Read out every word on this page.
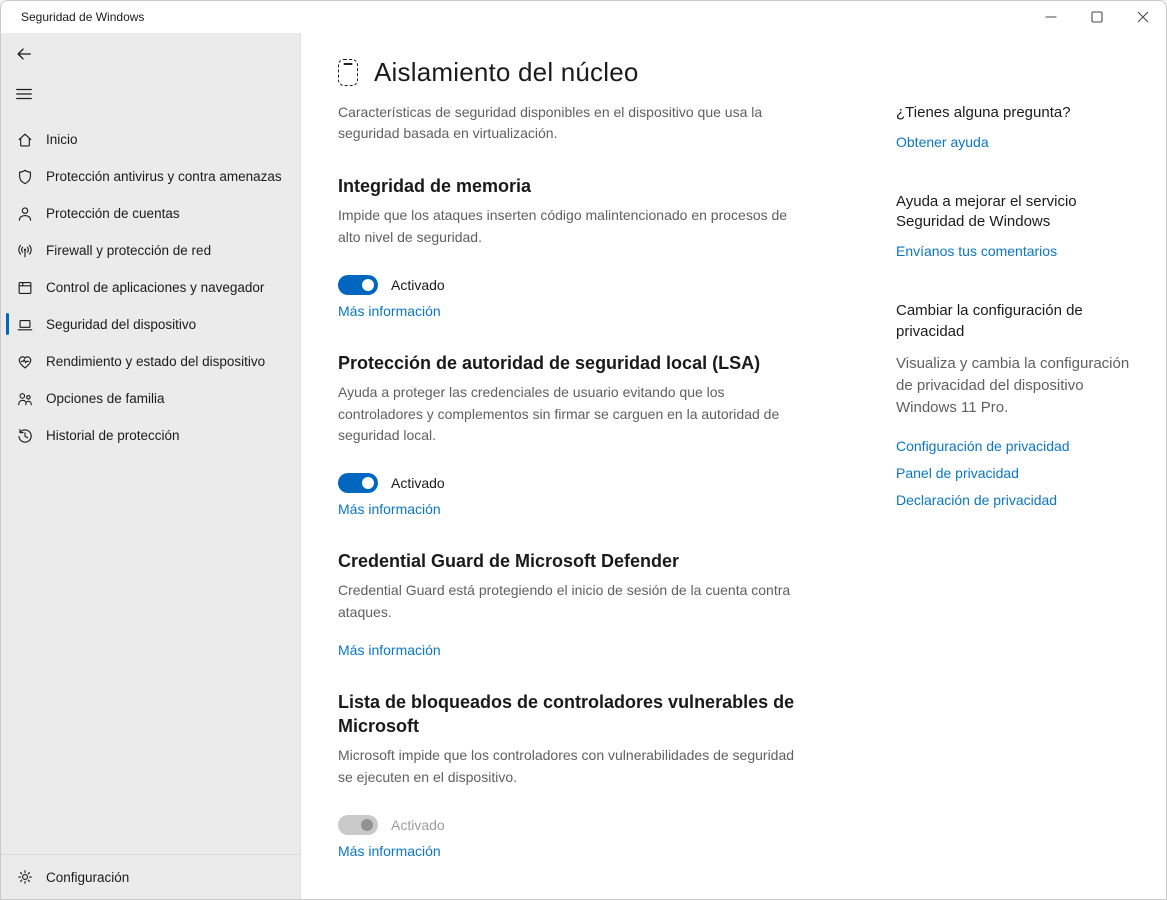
Seguridad de Windows
Inicio
Protección antivirus y contra amenazas
Protección de cuentas
Firewall y protección de red
Control de aplicaciones y navegador
Seguridad del dispositivo
Rendimiento y estado del dispositivo
Opciones de familia
Historial de protección
Configuración
Aislamiento del núcleo

Características de seguridad disponibles en el dispositivo que usa la seguridad basada en virtualización.

Integridad de memoria

Impide que los ataques inserten código malintencionado en procesos de alto nivel de seguridad.

Activado
Más información
Protección de autoridad de seguridad local (LSA)

Ayuda a proteger las credenciales de usuario evitando que los controladores y complementos sin firmar se carguen en la autoridad de seguridad local.

Activado
Más información
Credential Guard de Microsoft Defender

Credential Guard está protegiendo el inicio de sesión de la cuenta contra ataques.

Más información
Lista de bloqueados de controladores vulnerables de Microsoft

Microsoft impide que los controladores con vulnerabilidades de seguridad se ejecuten en el dispositivo.

Activado
Más información
¿Tienes alguna pregunta?
Obtener ayuda
Ayuda a mejorar el servicio Seguridad de Windows
Envíanos tus comentarios
Cambiar la configuración de privacidad
Visualiza y cambia la configuración de privacidad del dispositivo Windows 11 Pro.
Configuración de privacidad
Panel de privacidad
Declaración de privacidad
